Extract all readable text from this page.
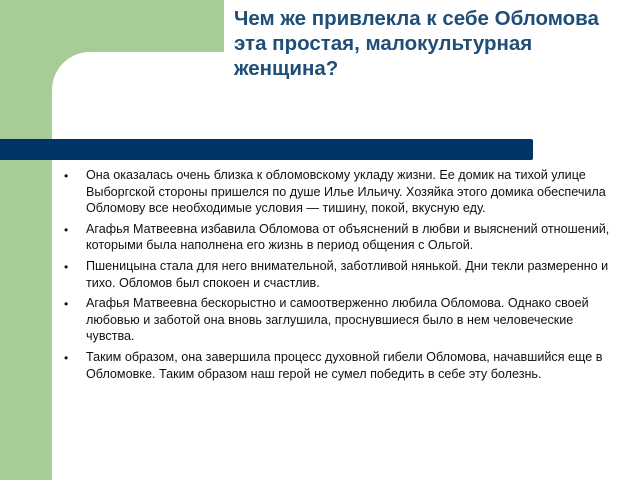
Чем же привлекла к себе Обломова эта простая, малокультурная женщина?
• Она оказалась очень близка к обломовскому укладу жизни. Ее домик на тихой улице Выборгской стороны пришелся по душе Илье Ильичу. Хозяйка этого домика обеспечила Обломову все необходимые условия — тишину, покой, вкусную еду.
• Агафья Матвеевна избавила Обломова от объяснений в любви и выяснений отношений, которыми была наполнена его жизнь в период общения с Ольгой.
• Пшеницына стала для него внимательной, заботливой нянькой. Дни текли размеренно и тихо. Обломов был спокоен и счастлив.
• Агафья Матвеевна бескорыстно и самоотверженно любила Обломова. Однако своей любовью и заботой она вновь заглушила, проснувшиеся было в нем человеческие чувства.
• Таким образом, она завершила процесс духовной гибели Обломова, начавшийся еще в Обломовке. Таким образом наш герой не сумел победить в себе эту болезнь.
